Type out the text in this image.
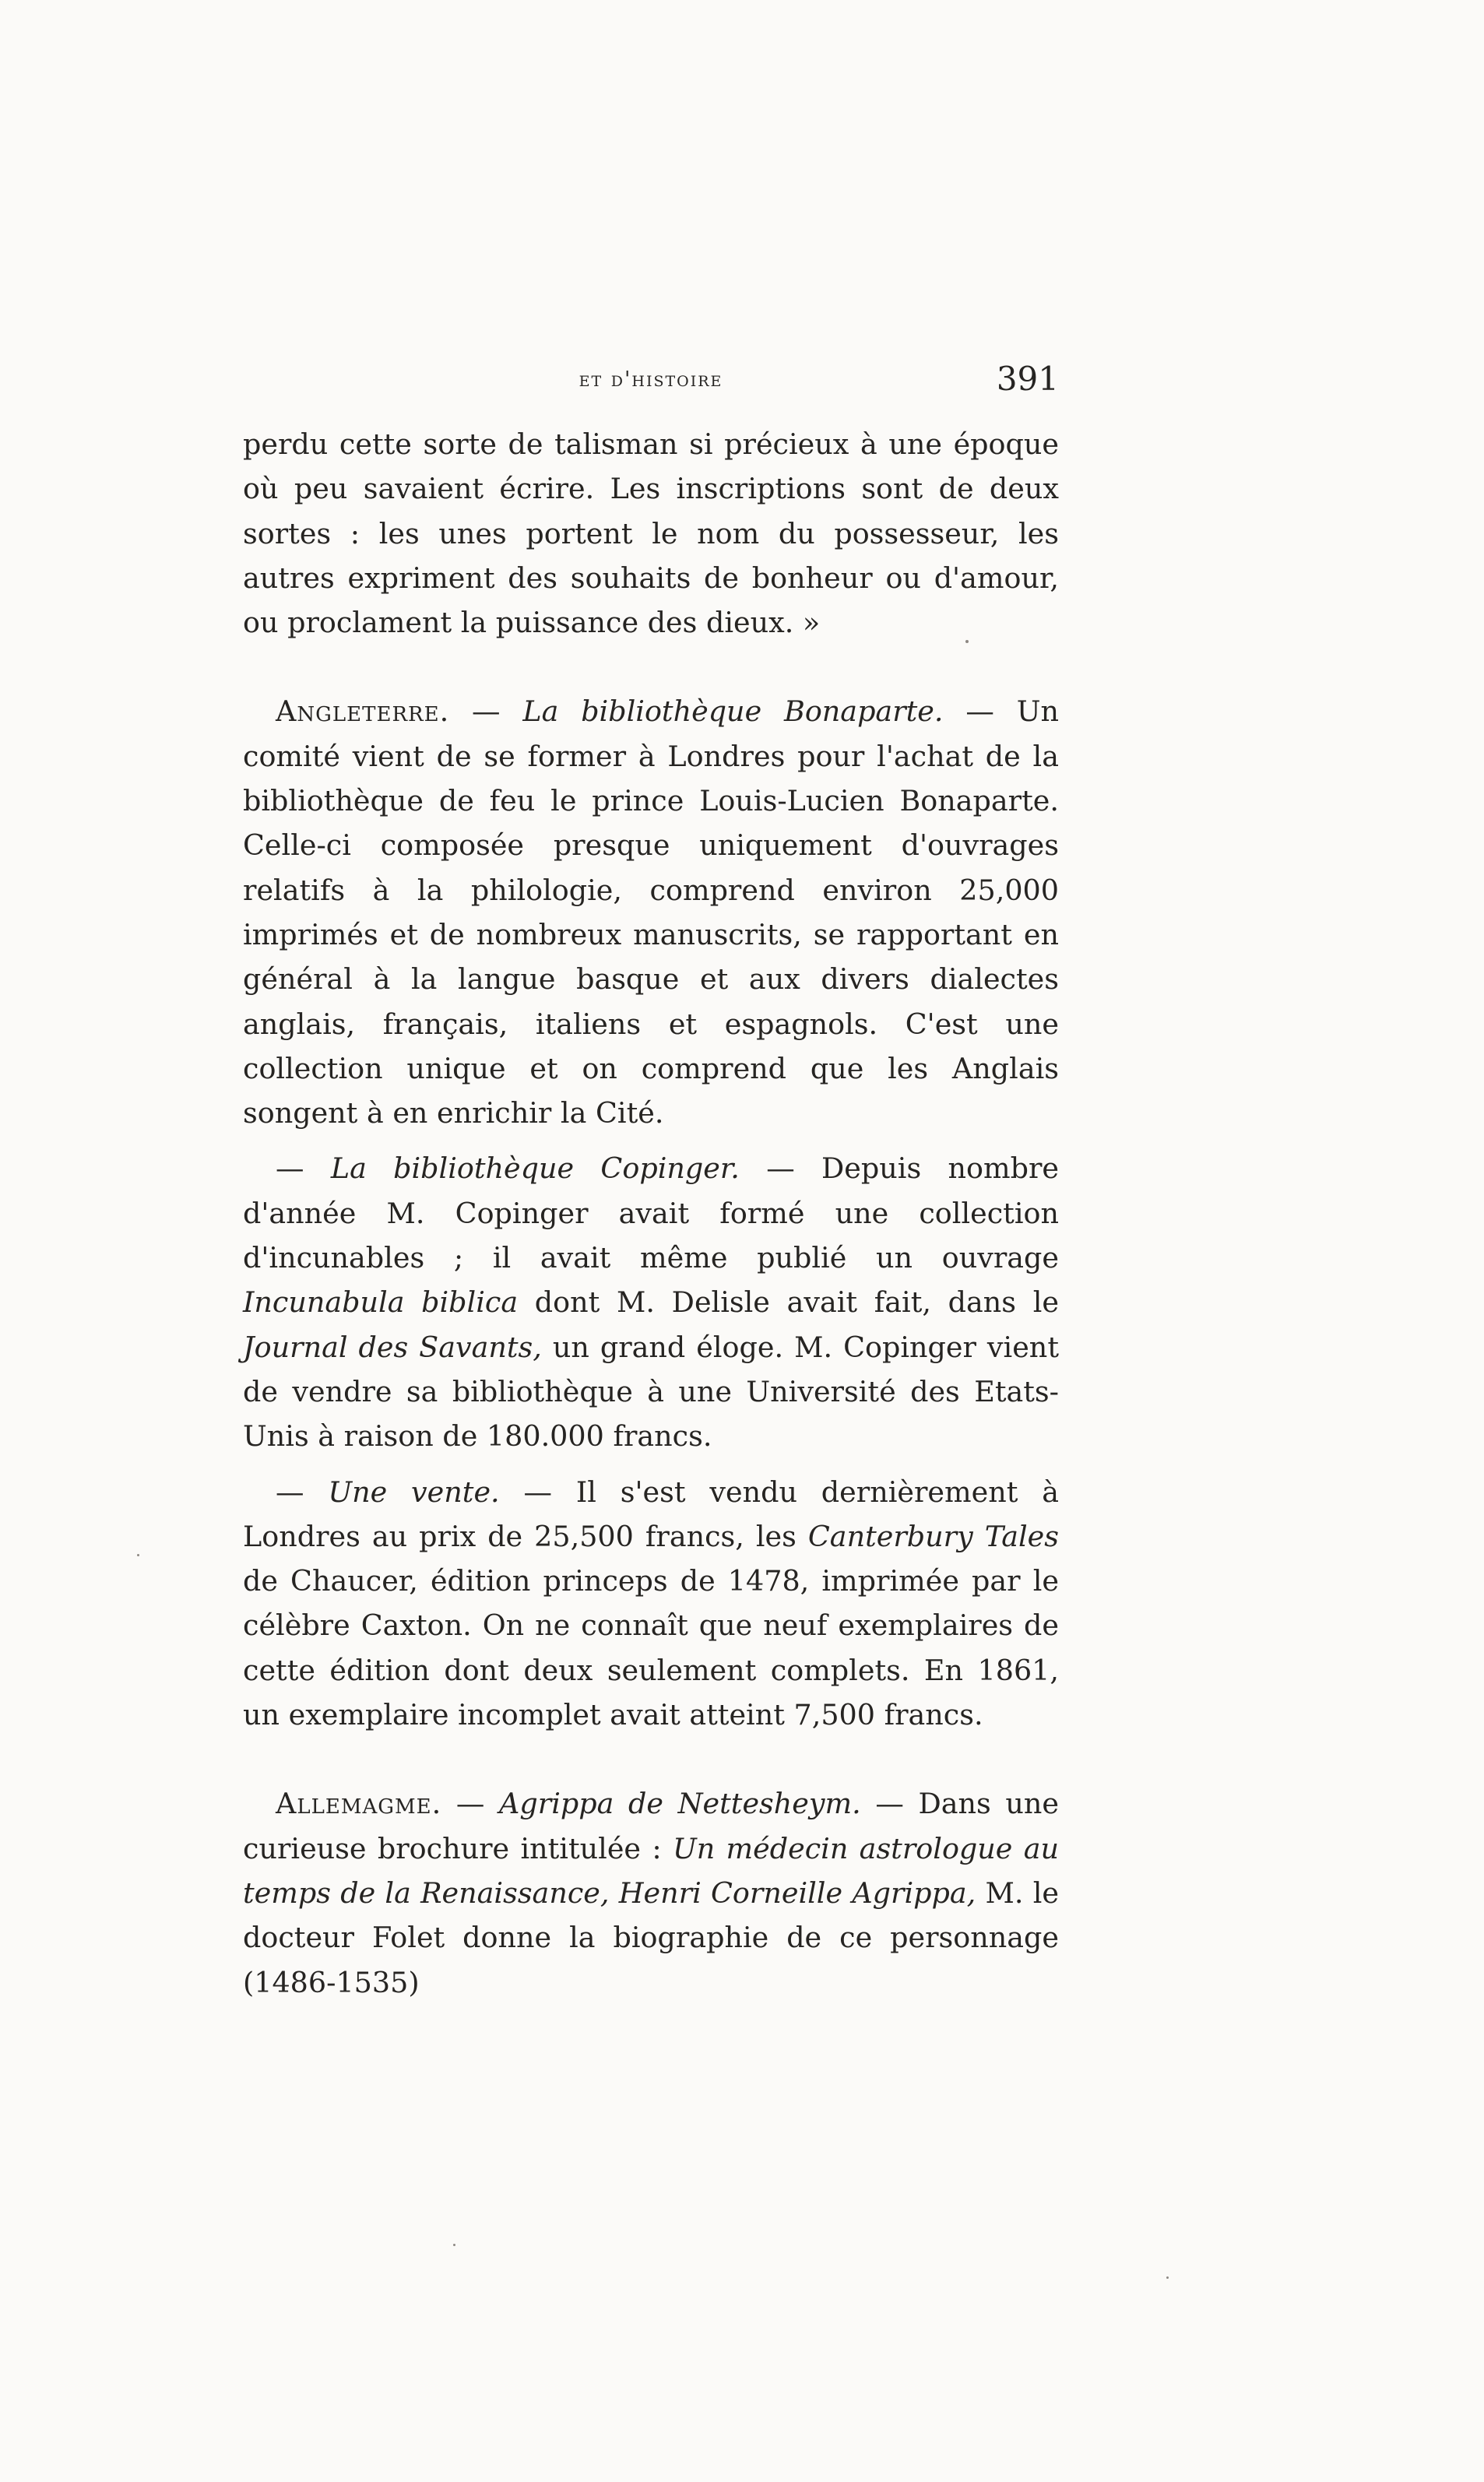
et d'histoire	391

perdu cette sorte de talisman si précieux à une époque où peu savaient écrire. Les inscriptions sont de deux sortes : les unes portent le nom du possesseur, les autres expriment des souhaits de bonheur ou d'amour, ou proclament la puissance des dieux. »

Angleterre. — La bibliothèque Bonaparte. — Un comité vient de se former à Londres pour l'achat de la bibliothèque de feu le prince Louis-Lucien Bonaparte. Celle-ci composée presque uniquement d'ouvrages relatifs à la philologie, comprend environ 25,000 imprimés et de nombreux manuscrits, se rapportant en général à la langue basque et aux divers dialectes anglais, français, italiens et espagnols. C'est une collection unique et on comprend que les Anglais songent à en enrichir la Cité.

— La bibliothèque Copinger. — Depuis nombre d'année M. Copinger avait formé une collection d'incunables ; il avait même publié un ouvrage Incunabula biblica dont M. Delisle avait fait, dans le Journal des Savants, un grand éloge. M. Copinger vient de vendre sa bibliothèque à une Université des Etats-Unis à raison de 180.000 francs.

— Une vente. — Il s'est vendu dernièrement à Londres au prix de 25,500 francs, les Canterbury Tales de Chaucer, édition princeps de 1478, imprimée par le célèbre Caxton. On ne connaît que neuf exemplaires de cette édition dont deux seulement complets. En 1861, un exemplaire incomplet avait atteint 7,500 francs.

Allemagme. — Agrippa de Nettesheym. — Dans une curieuse brochure intitulée : Un médecin astrologue au temps de la Renaissance, Henri Corneille Agrippa, M. le docteur Folet donne la biographie de ce personnage (1486-1535)
